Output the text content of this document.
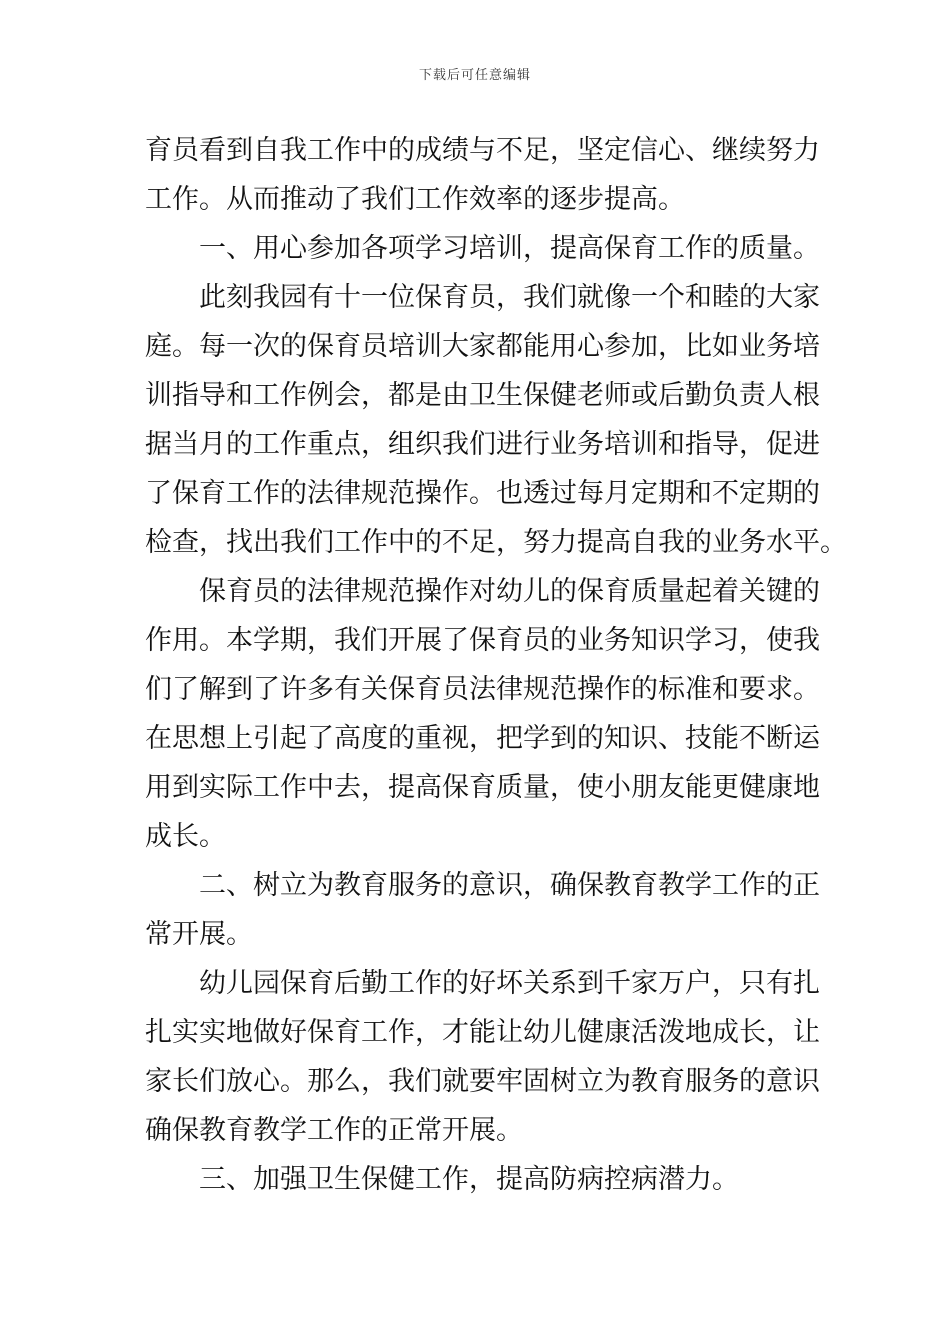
下载后可任意编辑
育员看到自我工作中的成绩与不足，坚定信心、继续努力
工作。从而推动了我们工作效率的逐步提高。
一、用心参加各项学习培训，提高保育工作的质量。
此刻我园有十一位保育员，我们就像一个和睦的大家
庭。每一次的保育员培训大家都能用心参加，比如业务培
训指导和工作例会，都是由卫生保健老师或后勤负责人根
据当月的工作重点，组织我们进行业务培训和指导，促进
了保育工作的法律规范操作。也透过每月定期和不定期的
检查，找出我们工作中的不足，努力提高自我的业务水平。
保育员的法律规范操作对幼儿的保育质量起着关键的
作用。本学期，我们开展了保育员的业务知识学习，使我
们了解到了许多有关保育员法律规范操作的标准和要求。
在思想上引起了高度的重视，把学到的知识、技能不断运
用到实际工作中去，提高保育质量，使小朋友能更健康地
成长。
二、树立为教育服务的意识，确保教育教学工作的正
常开展。
幼儿园保育后勤工作的好坏关系到千家万户，只有扎
扎实实地做好保育工作，才能让幼儿健康活泼地成长，让
家长们放心。那么，我们就要牢固树立为教育服务的意识
确保教育教学工作的正常开展。
三、加强卫生保健工作，提高防病控病潜力。
